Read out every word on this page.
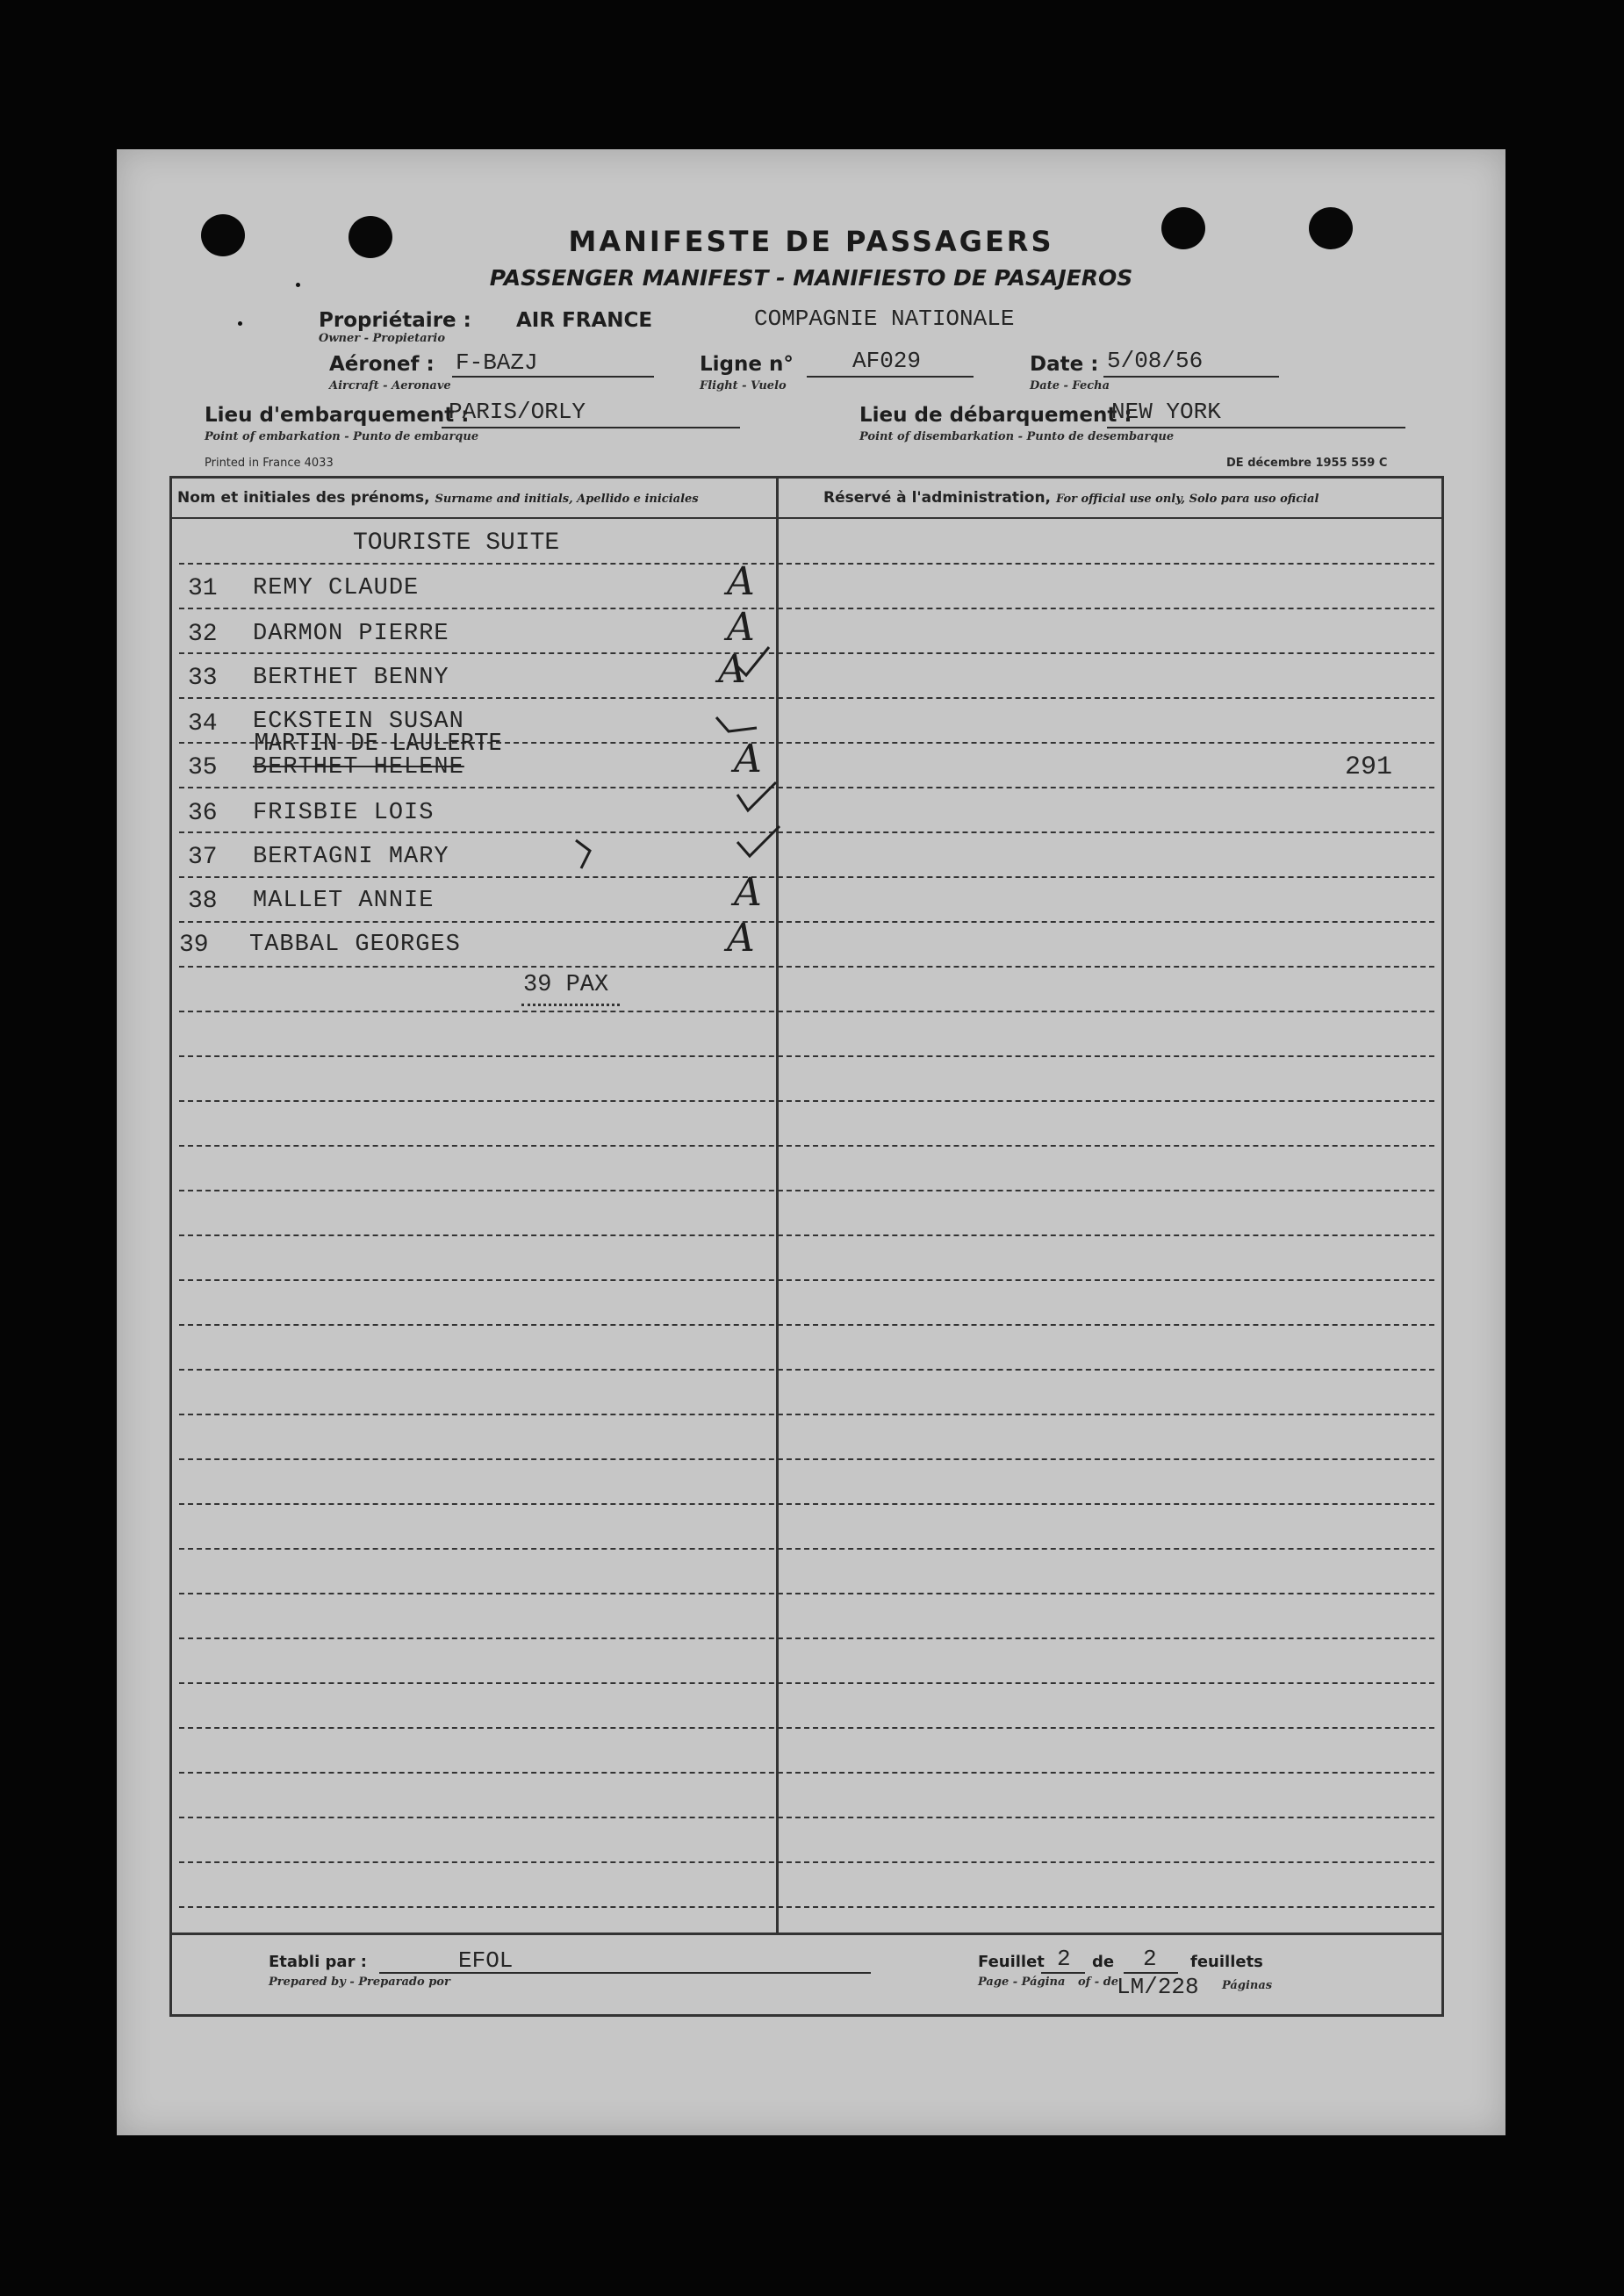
MANIFESTE DE PASSAGERS
PASSENGER MANIFEST - MANIFIESTO DE PASAJEROS
Propriétaire : AIR FRANCE
Owner - Propietario
COMPAGNIE NATIONALE
Aéronef : F-BAZJ
Aircraft - Aeronave
Ligne n°	AF029
Flight - Vuelo
Date : 5/08/56
Date - Fecha
Lieu d'embarquement :
PARIS/ORLY
Point of embarkation - Punto de embarque
Lieu de débarquement :
NEW YORK
Point of disembarkation - Punto de desembarque
Printed in France 4033	DE décembre 1955 559 C
Nom et initiales des prénoms, Surname and initials, Apellido e iniciales	Réservé à l'administration, For official use only, Solo para uso oficial
TOURISTE SUITE
31 REMY CLAUDE	A
32 DARMON PIERRE	A
33 BERTHET BENNY	A
34 ECKSTEIN SUSAN
MARTIN DE LAULERTE
35 BERTHET HELENE	A	291
36 FRISBIE LOIS
37 BERTAGNI MARY
38 MALLET ANNIE	A
39 TABBAL GEORGES	A
39 PAX
Etabli par :
Prepared by - Preparado por
EFOL	Feuillet
Page - Página
2 de
of - de
2 feuillets
LM/228 Páginas
